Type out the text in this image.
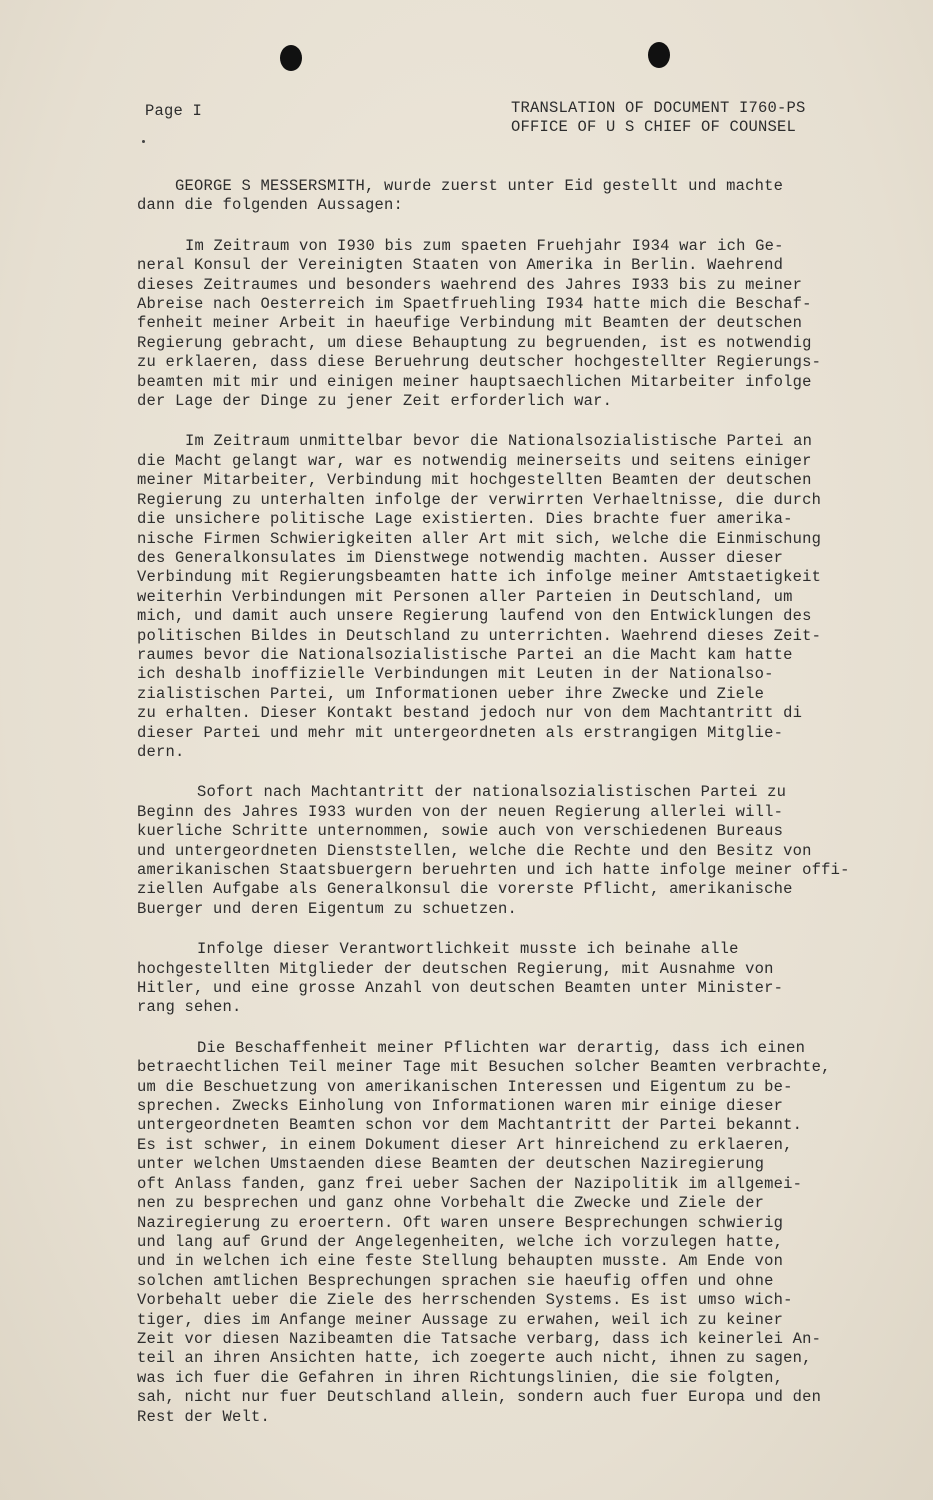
Page I	TRANSLATION OF DOCUMENT I760-PS
OFFICE OF U S CHIEF OF COUNSEL
GEORGE S MESSERSMITH, wurde zuerst unter Eid gestellt und machte
dann die folgenden Aussagen:
Im Zeitraum von I930 bis zum spaeten Fruehjahr I934 war ich Ge-
neral Konsul der Vereinigten Staaten von Amerika in Berlin. Waehrend
dieses Zeitraumes und besonders waehrend des Jahres I933 bis zu meiner
Abreise nach Oesterreich im Spaetfruehling I934 hatte mich die Beschaf-
fenheit meiner Arbeit in haeufige Verbindung mit Beamten der deutschen
Regierung gebracht, um diese Behauptung zu begruenden, ist es notwendig
zu erklaeren, dass diese Beruehrung deutscher hochgestellter Regierungs-
beamten mit mir und einigen meiner hauptsaechlichen Mitarbeiter infolge
der Lage der Dinge zu jener Zeit erforderlich war.
Im Zeitraum unmittelbar bevor die Nationalsozialistische Partei an
die Macht gelangt war, war es notwendig meinerseits und seitens einiger
meiner Mitarbeiter, Verbindung mit hochgestellten Beamten der deutschen
Regierung zu unterhalten infolge der verwirrten Verhaeltnisse, die durch
die unsichere politische Lage existierten. Dies brachte fuer amerika-
nische Firmen Schwierigkeiten aller Art mit sich, welche die Einmischung
des Generalkonsulates im Dienstwege notwendig machten. Ausser dieser
Verbindung mit Regierungsbeamten hatte ich infolge meiner Amtstaetigkeit
weiterhin Verbindungen mit Personen aller Parteien in Deutschland, um
mich, und damit auch unsere Regierung laufend von den Entwicklungen des
politischen Bildes in Deutschland zu unterrichten. Waehrend dieses Zeit-
raumes bevor die Nationalsozialistische Partei an die Macht kam hatte
ich deshalb inoffizielle Verbindungen mit Leuten in der Nationalso-
zialistischen Partei, um Informationen ueber ihre Zwecke und Ziele
zu erhalten. Dieser Kontakt bestand jedoch nur von dem Machtantritt di
dieser Partei und mehr mit untergeordneten als erstrangigen Mitglie-
dern.
Sofort nach Machtantritt der nationalsozialistischen Partei zu
Beginn des Jahres I933 wurden von der neuen Regierung allerlei will-
kuerliche Schritte unternommen, sowie auch von verschiedenen Bureaus
und untergeordneten Dienststellen, welche die Rechte und den Besitz von
amerikanischen Staatsbuergern beruehrten und ich hatte infolge meiner offi-
ziellen Aufgabe als Generalkonsul die vorerste Pflicht, amerikanische
Buerger und deren Eigentum zu schuetzen.
Infolge dieser Verantwortlichkeit musste ich beinahe alle
hochgestellten Mitglieder der deutschen Regierung, mit Ausnahme von
Hitler, und eine grosse Anzahl von deutschen Beamten unter Minister-
rang sehen.
Die Beschaffenheit meiner Pflichten war derartig, dass ich einen
betraechtlichen Teil meiner Tage mit Besuchen solcher Beamten verbrachte,
um die Beschuetzung von amerikanischen Interessen und Eigentum zu be-
sprechen. Zwecks Einholung von Informationen waren mir einige dieser
untergeordneten Beamten schon vor dem Machtantritt der Partei bekannt.
Es ist schwer, in einem Dokument dieser Art hinreichend zu erklaeren,
unter welchen Umstaenden diese Beamten der deutschen Naziregierung
oft Anlass fanden, ganz frei ueber Sachen der Nazipolitik im allgemei-
nen zu besprechen und ganz ohne Vorbehalt die Zwecke und Ziele der
Naziregierung zu eroertern. Oft waren unsere Besprechungen schwierig
und lang auf Grund der Angelegenheiten, welche ich vorzulegen hatte,
und in welchen ich eine feste Stellung behaupten musste. Am Ende von
solchen amtlichen Besprechungen sprachen sie haeufig offen und ohne
Vorbehalt ueber die Ziele des herrschenden Systems. Es ist umso wich-
tiger, dies im Anfange meiner Aussage zu erwahen, weil ich zu keiner
Zeit vor diesen Nazibeamten die Tatsache verbarg, dass ich keinerlei An-
teil an ihren Ansichten hatte, ich zoegerte auch nicht, ihnen zu sagen,
was ich fuer die Gefahren in ihren Richtungslinien, die sie folgten,
sah, nicht nur fuer Deutschland allein, sondern auch fuer Europa und den
Rest der Welt.
